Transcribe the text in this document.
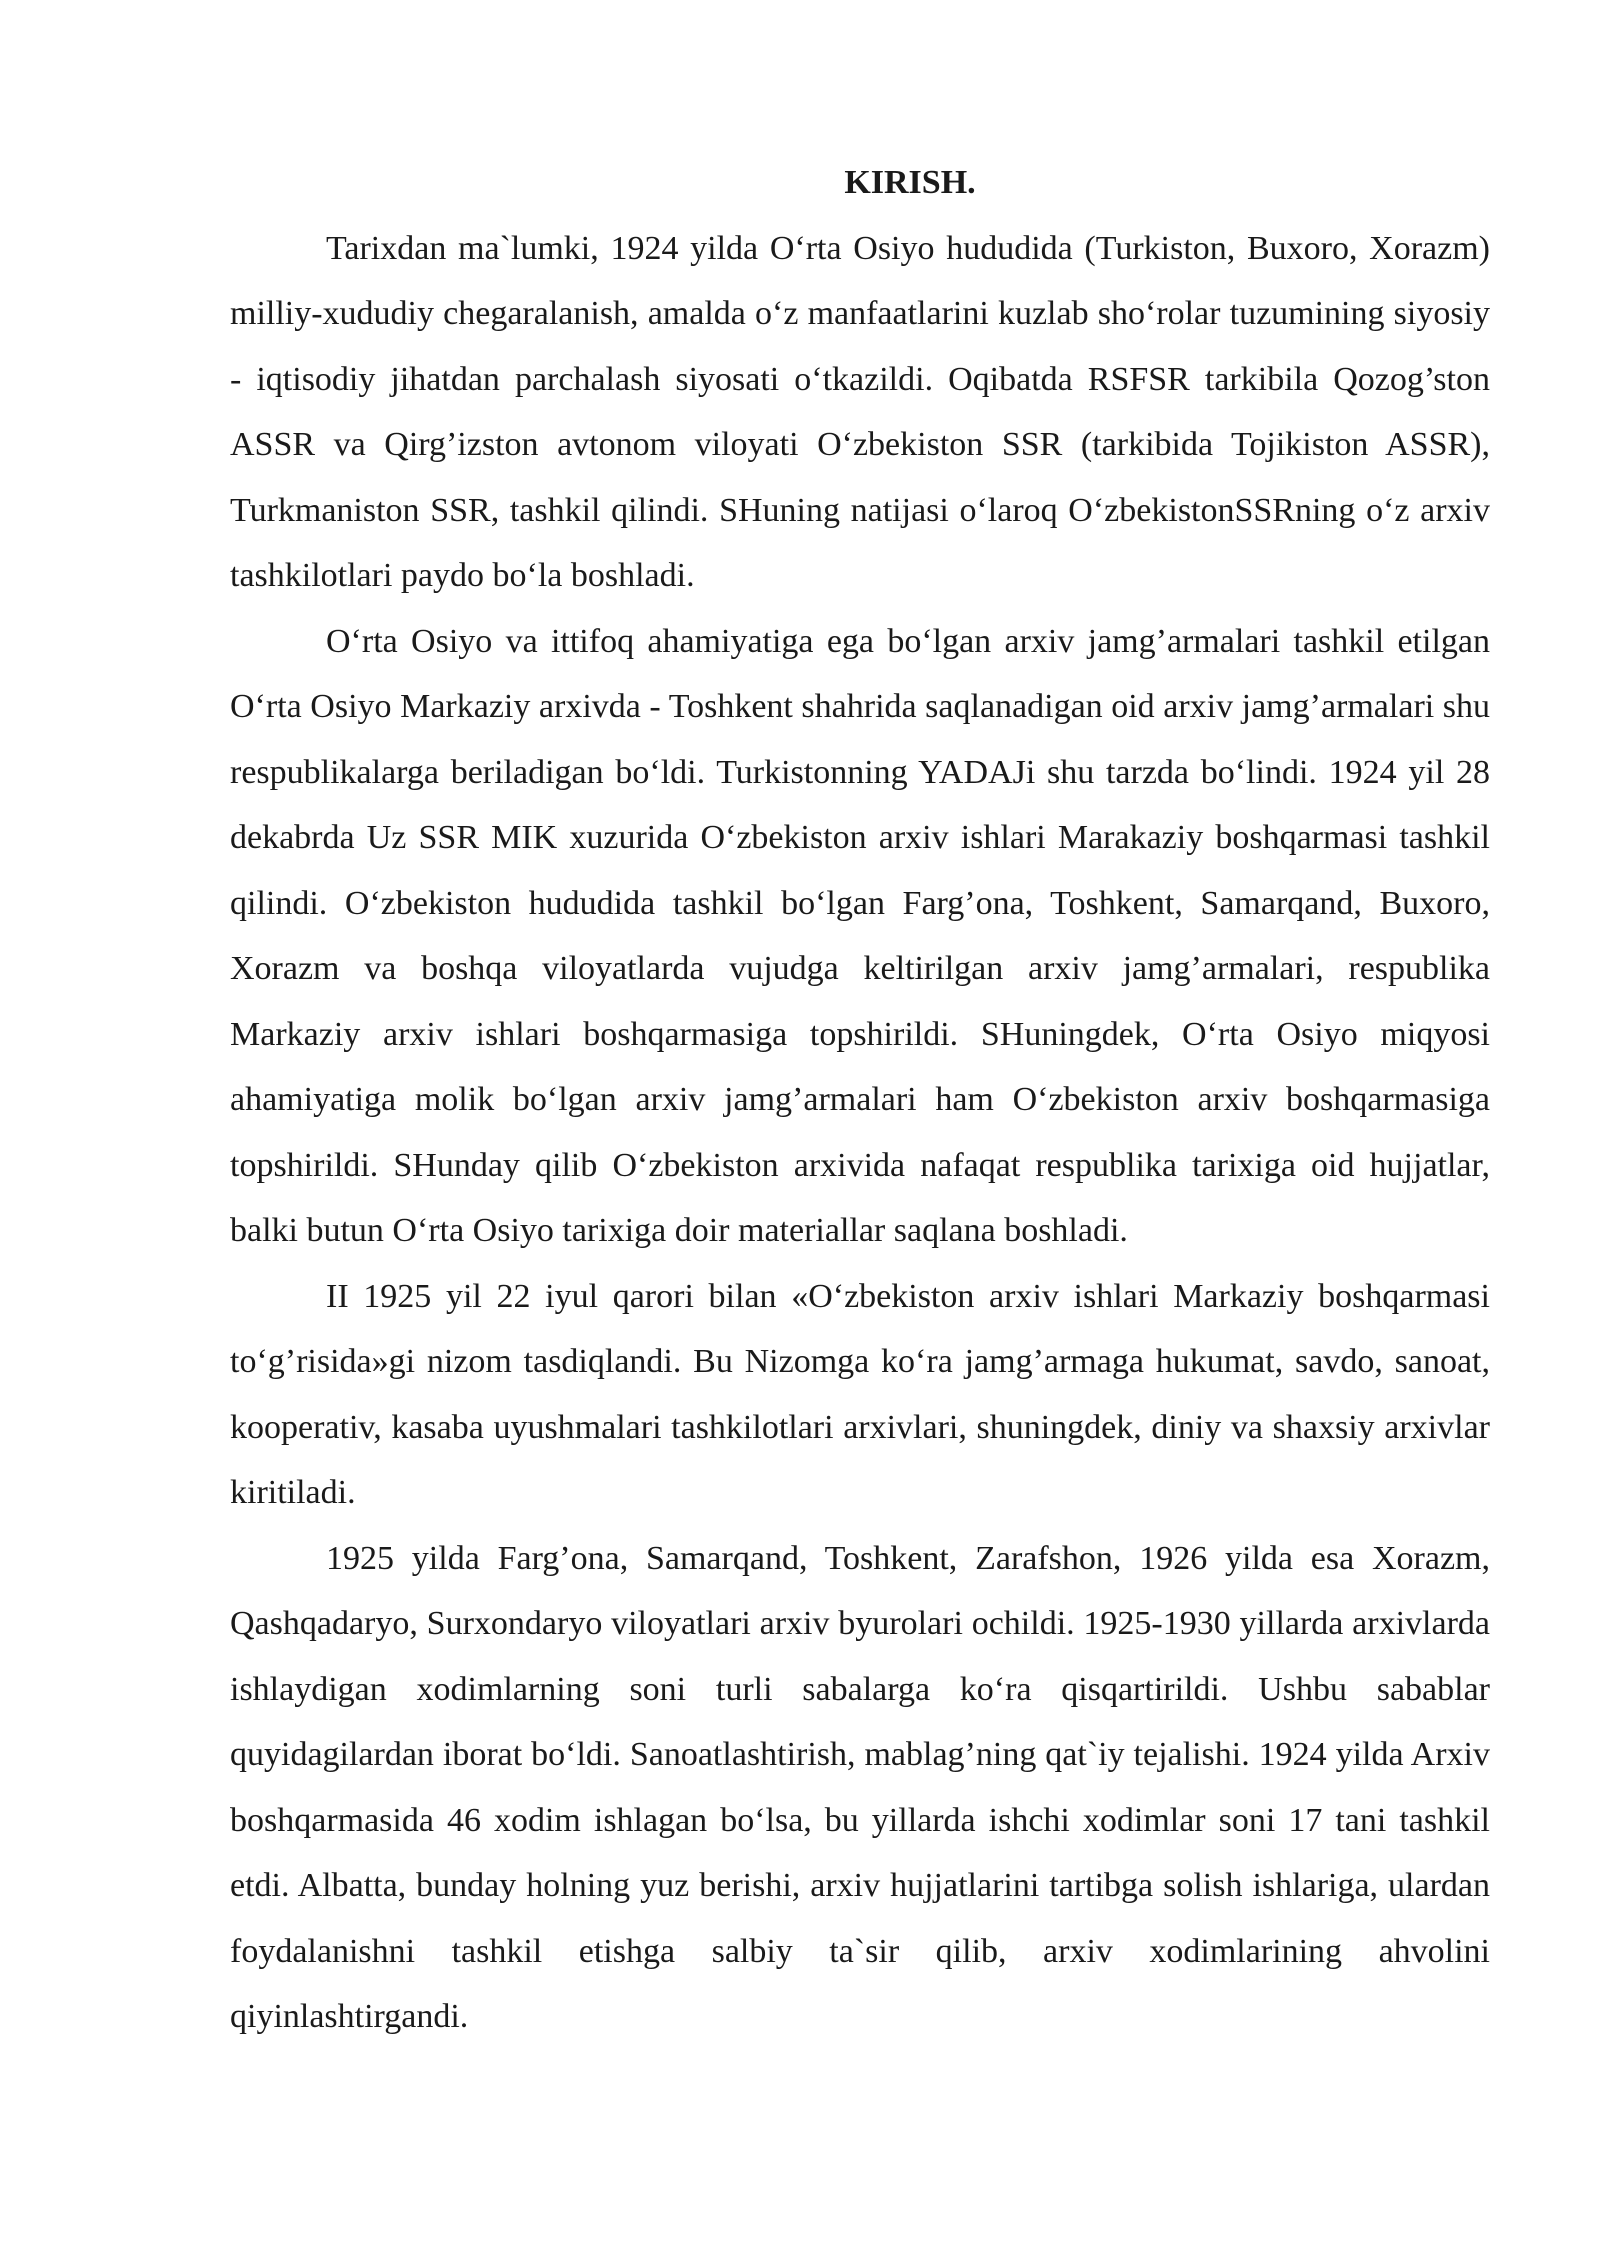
KIRISH.

Tarixdan ma`lumki, 1924 yilda O‘rta Osiyo hududida (Turkiston, Buxoro, Xorazm) milliy-xududiy chegaralanish, amalda o‘z manfaatlarini kuzlab sho‘rolar tuzumining siyosiy - iqtisodiy jihatdan parchalash siyosati o‘tkazildi. Oqibatda RSFSR tarkibila Qozog’ston ASSR va Qirg’izston avtonom viloyati O‘zbekiston SSR (tarkibida Tojikiston ASSR), Turkmaniston SSR, tashkil qilindi. SHuning natijasi o‘laroq O‘zbekistonSSRning o‘z arxiv tashkilotlari paydo bo‘la boshladi.

O‘rta Osiyo va ittifoq ahamiyatiga ega bo‘lgan arxiv jamg’armalari tashkil etilgan O‘rta Osiyo Markaziy arxivda - Toshkent shahrida saqlanadigan oid arxiv jamg’armalari shu respublikalarga beriladigan bo‘ldi. Turkistonning YADAJi shu tarzda bo‘lindi. 1924 yil 28 dekabrda Uz SSR MIK xuzurida O‘zbekiston arxiv ishlari Marakaziy boshqarmasi tashkil qilindi. O‘zbekiston hududida tashkil bo‘lgan Farg’ona, Toshkent, Samarqand, Buxoro, Xorazm va boshqa viloyatlarda vujudga keltirilgan arxiv jamg’armalari, respublika Markaziy arxiv ishlari boshqarmasiga topshirildi. SHuningdek, O‘rta Osiyo miqyosi ahamiyatiga molik bo‘lgan arxiv jamg’armalari ham O‘zbekiston arxiv boshqarmasiga topshirildi. SHunday qilib O‘zbekiston arxivida nafaqat respublika tarixiga oid hujjatlar, balki butun O‘rta Osiyo tarixiga doir materiallar saqlana boshladi.

II 1925 yil 22 iyul qarori bilan «O‘zbekiston arxiv ishlari Markaziy boshqarmasi to‘g’risida»gi nizom tasdiqlandi. Bu Nizomga ko‘ra jamg’armaga hukumat, savdo, sanoat, kooperativ, kasaba uyushmalari tashkilotlari arxivlari, shuningdek, diniy va shaxsiy arxivlar kiritiladi.

1925 yilda Farg’ona, Samarqand, Toshkent, Zarafshon, 1926 yilda esa Xorazm, Qashqadaryo, Surxondaryo viloyatlari arxiv byurolari ochildi. 1925-1930 yillarda arxivlarda ishlaydigan xodimlarning soni turli sabalarga ko‘ra qisqartirildi. Ushbu sabablar quyidagilardan iborat bo‘ldi. Sanoatlashtirish, mablag’ning qat`iy tejalishi. 1924 yilda Arxiv boshqarmasida 46 xodim ishlagan bo‘lsa, bu yillarda ishchi xodimlar soni 17 tani tashkil etdi. Albatta, bunday holning yuz berishi, arxiv hujjatlarini tartibga solish ishlariga, ulardan foydalanishni tashkil etishga salbiy ta`sir qilib, arxiv xodimlarining ahvolini qiyinlashtirgandi.
